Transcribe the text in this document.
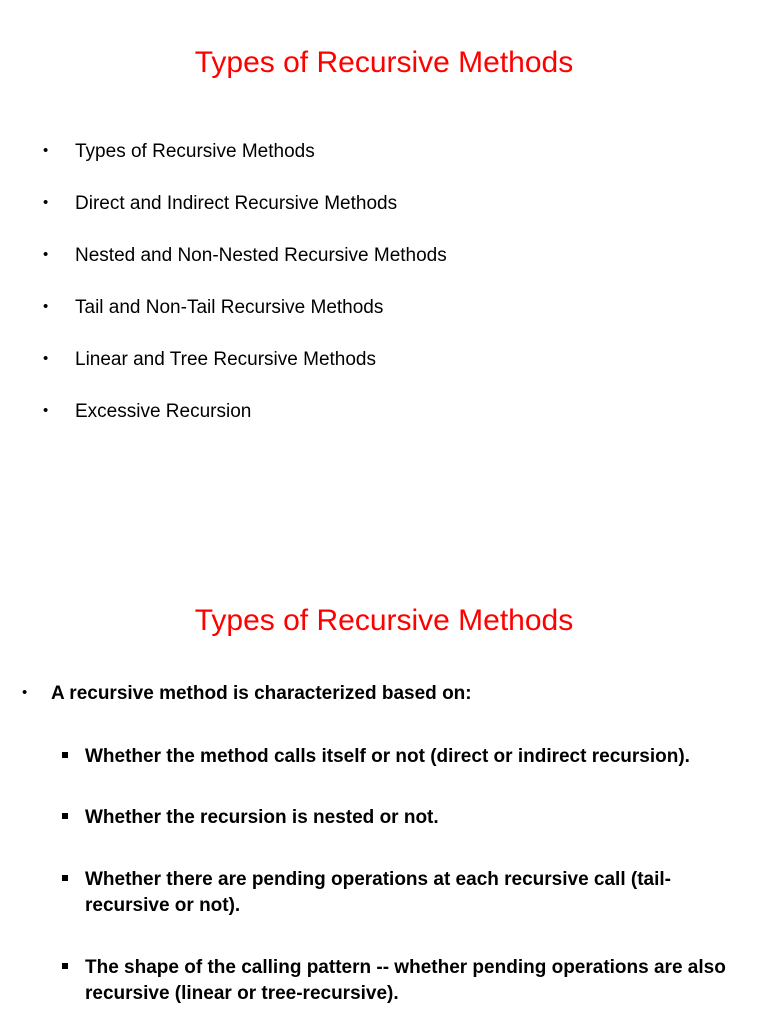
Types of Recursive Methods
• Types of Recursive Methods
• Direct and Indirect Recursive Methods
• Nested and Non-Nested Recursive Methods
• Tail and Non-Tail Recursive Methods
• Linear and Tree Recursive Methods
• Excessive Recursion
Types of Recursive Methods
• A recursive method is characterized based on:
Whether the method calls itself or not (direct or indirect recursion).
Whether the recursion is nested or not.
Whether there are pending operations at each recursive call (tail-recursive or not).
The shape of the calling pattern -- whether pending operations are also recursive (linear or tree-recursive).
